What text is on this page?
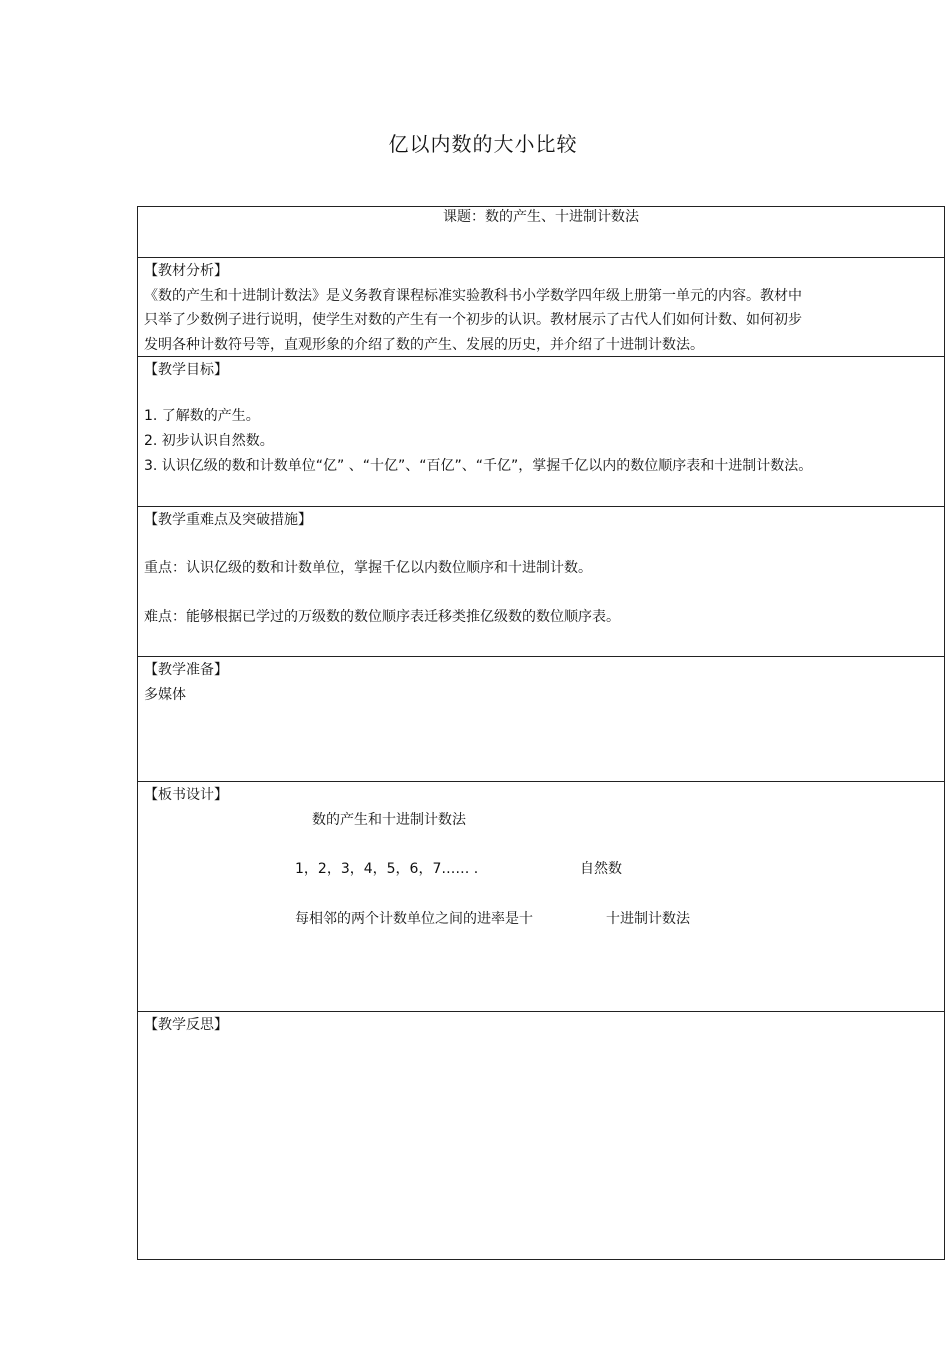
亿以内数的大小比较
课题：数的产生、十进制计数法
【教材分析】
《数的产生和十进制计数法》是义务教育课程标准实验教科书小学数学四年级上册第一单元的内容。教材中
只举了少数例子进行说明，使学生对数的产生有一个初步的认识。教材展示了古代人们如何计数、如何初步
发明各种计数符号等，直观形象的介绍了数的产生、发展的历史，并介绍了十进制计数法。
【教学目标】
1. 了解数的产生。
2. 初步认识自然数。
3. 认识亿级的数和计数单位“亿” 、“十亿”、“百亿”、“千亿”，掌握千亿以内的数位顺序表和十进制计数法。
【教学重难点及突破措施】
重点：认识亿级的数和计数单位，掌握千亿以内数位顺序和十进制计数。
难点：能够根据已学过的万级数的数位顺序表迁移类推亿级数的数位顺序表。
【教学准备】
多媒体
【板书设计】
数的产生和十进制计数法
1，2，3，4，5，6，7…… .	自然数
每相邻的两个计数单位之间的进率是十	十进制计数法
【教学反思】
